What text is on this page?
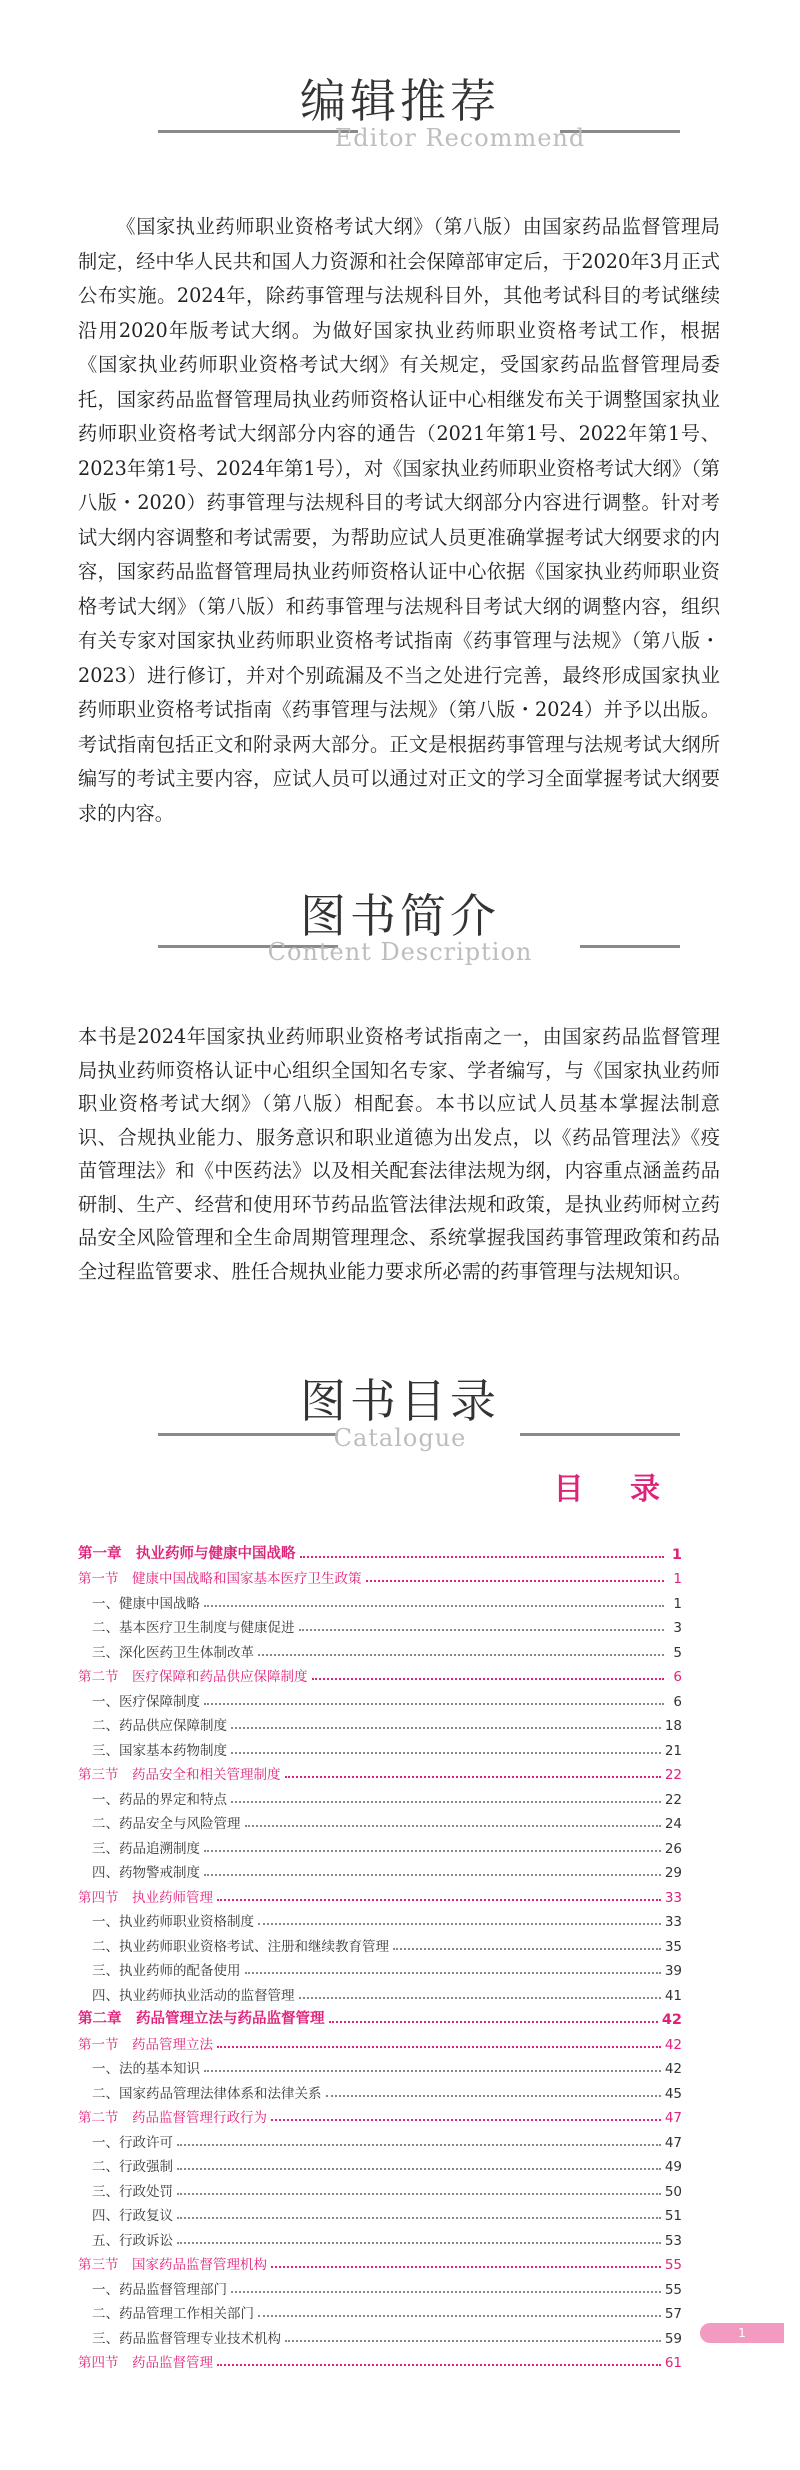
编辑推荐
Editor Recommend

《国家执业药师职业资格考试大纲》（第八版）由国家药品监督管理局制定，经中华人民共和国人力资源和社会保障部审定后，于2020年3月正式公布实施。2024年，除药事管理与法规科目外，其他考试科目的考试继续沿用2020年版考试大纲。为做好国家执业药师职业资格考试工作，根据《国家执业药师职业资格考试大纲》有关规定，受国家药品监督管理局委托，国家药品监督管理局执业药师资格认证中心相继发布关于调整国家执业药师职业资格考试大纲部分内容的通告（2021年第1号、2022年第1号、2023年第1号、2024年第1号），对《国家执业药师职业资格考试大纲》（第八版・2020）药事管理与法规科目的考试大纲部分内容进行调整。针对考试大纲内容调整和考试需要，为帮助应试人员更准确掌握考试大纲要求的内容，国家药品监督管理局执业药师资格认证中心依据《国家执业药师职业资格考试大纲》（第八版）和药事管理与法规科目考试大纲的调整内容，组织有关专家对国家执业药师职业资格考试指南《药事管理与法规》（第八版・2023）进行修订，并对个别疏漏及不当之处进行完善，最终形成国家执业药师职业资格考试指南《药事管理与法规》（第八版・2024）并予以出版。考试指南包括正文和附录两大部分。正文是根据药事管理与法规考试大纲所编写的考试主要内容，应试人员可以通过对正文的学习全面掌握考试大纲要求的内容。

图书简介
Content Description

本书是2024年国家执业药师职业资格考试指南之一，由国家药品监督管理局执业药师资格认证中心组织全国知名专家、学者编写，与《国家执业药师职业资格考试大纲》（第八版）相配套。本书以应试人员基本掌握法制意识、合规执业能力、服务意识和职业道德为出发点，以《药品管理法》《疫苗管理法》和《中医药法》以及相关配套法律法规为纲，内容重点涵盖药品研制、生产、经营和使用环节药品监管法律法规和政策，是执业药师树立药品安全风险管理和全生命周期管理理念、系统掌握我国药事管理政策和药品全过程监管要求、胜任合规执业能力要求所必需的药事管理与法规知识。

图书目录
Catalogue
目 录
第一章　执业药师与健康中国战略	1
第一节　健康中国战略和国家基本医疗卫生政策	1
一、健康中国战略	1
二、基本医疗卫生制度与健康促进	3
三、深化医药卫生体制改革	5
第二节　医疗保障和药品供应保障制度	6
一、医疗保障制度	6
二、药品供应保障制度	18
三、国家基本药物制度	21
第三节　药品安全和相关管理制度	22
一、药品的界定和特点	22
二、药品安全与风险管理	24
三、药品追溯制度	26
四、药物警戒制度	29
第四节　执业药师管理	33
一、执业药师职业资格制度	33
二、执业药师职业资格考试、注册和继续教育管理	35
三、执业药师的配备使用	39
四、执业药师执业活动的监督管理	41
第二章　药品管理立法与药品监督管理	42
第一节　药品管理立法	42
一、法的基本知识	42
二、国家药品管理法律体系和法律关系	45
第二节　药品监督管理行政行为	47
一、行政许可	47
二、行政强制	49
三、行政处罚	50
四、行政复议	51
五、行政诉讼	53
第三节　国家药品监督管理机构	55
一、药品监督管理部门	55
二、药品管理工作相关部门	57
三、药品监督管理专业技术机构	59
第四节　药品监督管理	61
1
